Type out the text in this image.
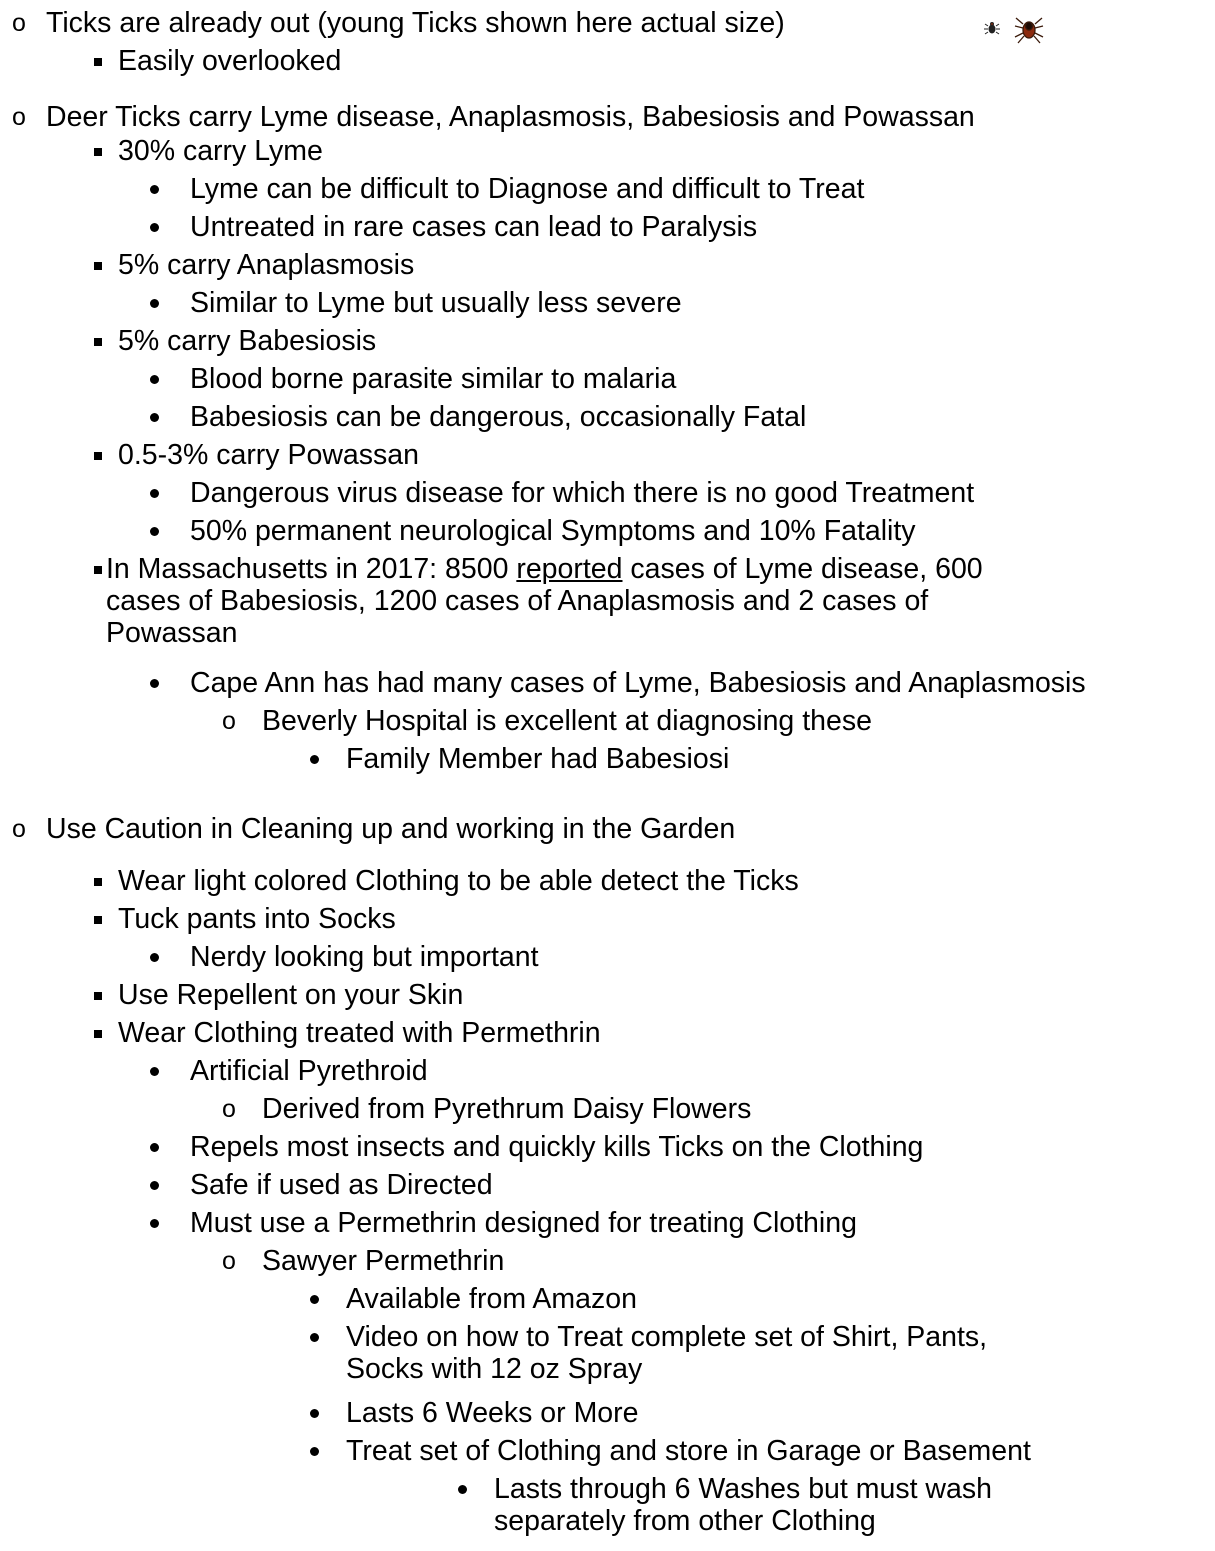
o Ticks are already out (young Ticks shown here actual size)
Easily overlooked
o Deer Ticks carry Lyme disease, Anaplasmosis, Babesiosis and Powassan
30% carry Lyme
Lyme can be difficult to Diagnose and difficult to Treat
Untreated in rare cases can lead to Paralysis
5% carry Anaplasmosis
Similar to Lyme but usually less severe
5% carry Babesiosis
Blood borne parasite similar to malaria
Babesiosis can be dangerous, occasionally Fatal
0.5-3% carry Powassan
Dangerous virus disease for which there is no good Treatment
50% permanent neurological Symptoms and 10% Fatality
In Massachusetts in 2017: 8500 reported cases of Lyme disease, 600
cases of Babesiosis, 1200 cases of Anaplasmosis and 2 cases of
Powassan
Cape Ann has had many cases of Lyme, Babesiosis and Anaplasmosis
o Beverly Hospital is excellent at diagnosing these
Family Member had Babesiosi
o Use Caution in Cleaning up and working in the Garden
Wear light colored Clothing to be able detect the Ticks
Tuck pants into Socks
Nerdy looking but important
Use Repellent on your Skin
Wear Clothing treated with Permethrin
Artificial Pyrethroid
o Derived from Pyrethrum Daisy Flowers
Repels most insects and quickly kills Ticks on the Clothing
Safe if used as Directed
Must use a Permethrin designed for treating Clothing
o Sawyer Permethrin
Available from Amazon
Video on how to Treat complete set of Shirt, Pants,
Socks with 12 oz Spray
Lasts 6 Weeks or More
Treat set of Clothing and store in Garage or Basement
Lasts through 6 Washes but must wash
separately from other Clothing
